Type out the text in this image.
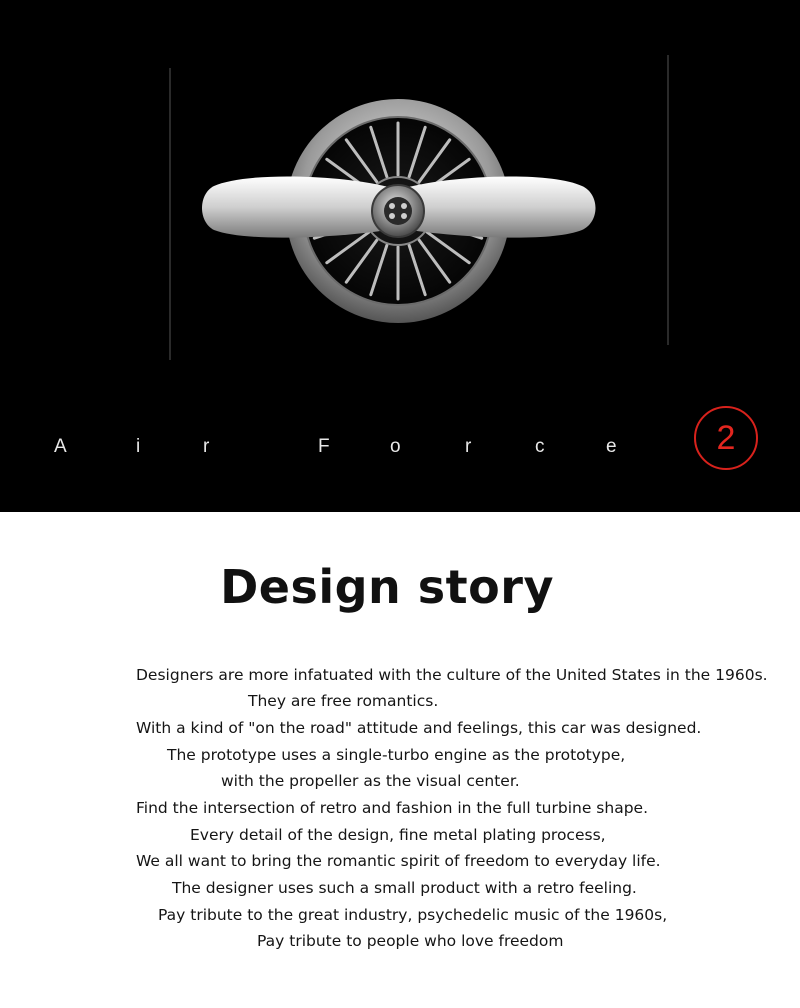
A	i	r	F	o	r	c	e	2
Design story
Designers are more infatuated with the culture of the United States in the 1960s.
They are free romantics.
With a kind of "on the road" attitude and feelings, this car was designed.
The prototype uses a single-turbo engine as the prototype,
with the propeller as the visual center.
Find the intersection of retro and fashion in the full turbine shape.
Every detail of the design, fine metal plating process,
We all want to bring the romantic spirit of freedom to everyday life.
The designer uses such a small product with a retro feeling.
Pay tribute to the great industry, psychedelic music of the 1960s,
Pay tribute to people who love freedom
